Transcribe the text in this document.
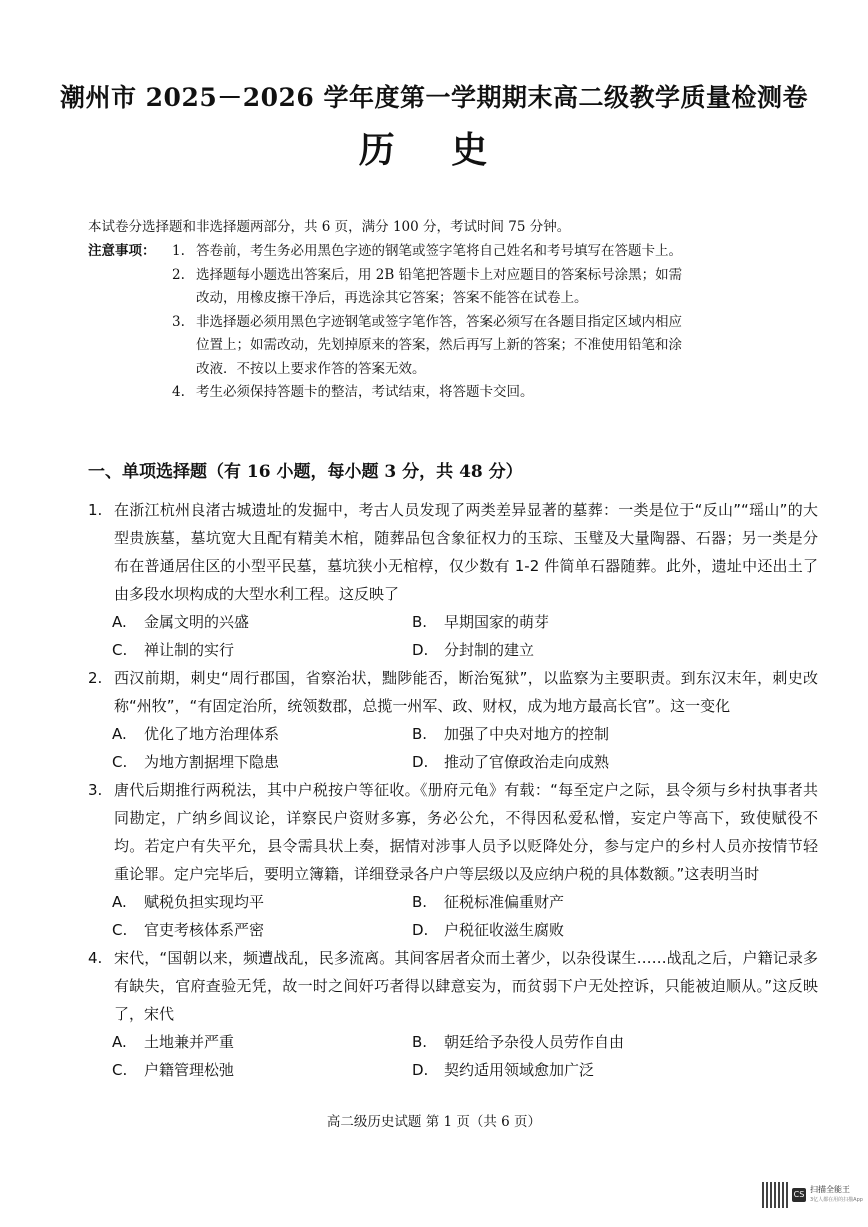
潮州市 2025－2026 学年度第一学期期末高二级教学质量检测卷
历 史

本试卷分选择题和非选择题两部分，共 6 页，满分 100 分，考试时间 75 分钟。

注意事项：	1. 答卷前，考生务必用黑色字迹的钢笔或签字笔将自己姓名和考号填写在答题卡上。
2. 选择题每小题选出答案后，用 2B 铅笔把答题卡上对应题目的答案标号涂黑；如需
改动，用橡皮擦干净后，再选涂其它答案；答案不能答在试卷上。
3. 非选择题必须用黑色字迹钢笔或签字笔作答，答案必须写在各题目指定区域内相应
位置上；如需改动，先划掉原来的答案，然后再写上新的答案；不准使用铅笔和涂
改液．不按以上要求作答的答案无效。
4. 考生必须保持答题卡的整洁，考试结束，将答题卡交回。
一、单项选择题（有 16 小题，每小题 3 分，共 48 分）
1. 在浙江杭州良渚古城遗址的发掘中，考古人员发现了两类差异显著的墓葬：一类是位于“反山”“瑶山”的大型贵族墓，墓坑宽大且配有精美木棺，随葬品包含象征权力的玉琮、玉璧及大量陶器、石器；另一类是分布在普通居住区的小型平民墓，墓坑狭小无棺椁，仅少数有 1-2 件简单石器随葬。此外，遗址中还出土了由多段水坝构成的大型水利工程。这反映了
A. 金属文明的兴盛	B. 早期国家的萌芽
C. 禅让制的实行	D. 分封制的建立
2. 西汉前期，刺史“周行郡国，省察治状，黜陟能否，断治冤狱”，以监察为主要职责。到东汉末年，刺史改称“州牧”，“有固定治所，统领数郡，总揽一州军、政、财权，成为地方最高长官”。这一变化
A. 优化了地方治理体系	B. 加强了中央对地方的控制
C. 为地方割据埋下隐患	D. 推动了官僚政治走向成熟
3. 唐代后期推行两税法，其中户税按户等征收。《册府元龟》有载：“每至定户之际，县令须与乡村执事者共同勘定，广纳乡闾议论，详察民户资财多寡，务必公允，不得因私爱私憎，妄定户等高下，致使赋役不均。若定户有失平允，县令需具状上奏，据情对涉事人员予以贬降处分，参与定户的乡村人员亦按情节轻重论罪。定户完毕后，要明立簿籍，详细登录各户户等层级以及应纳户税的具体数额。”这表明当时
A. 赋税负担实现均平	B. 征税标准偏重财产
C. 官吏考核体系严密	D. 户税征收滋生腐败
4. 宋代，“国朝以来，频遭战乱，民多流离。其间客居者众而土著少，以杂役谋生……战乱之后，户籍记录多有缺失，官府查验无凭，故一时之间奸巧者得以肆意妄为，而贫弱下户无处控诉，只能被迫顺从。”这反映了，宋代
A. 土地兼并严重	B. 朝廷给予杂役人员劳作自由
C. 户籍管理松弛	D. 契约适用领域愈加广泛
高二级历史试题 第 1 页（共 6 页）
CS
扫描全能王
3亿人都在用的扫描App
